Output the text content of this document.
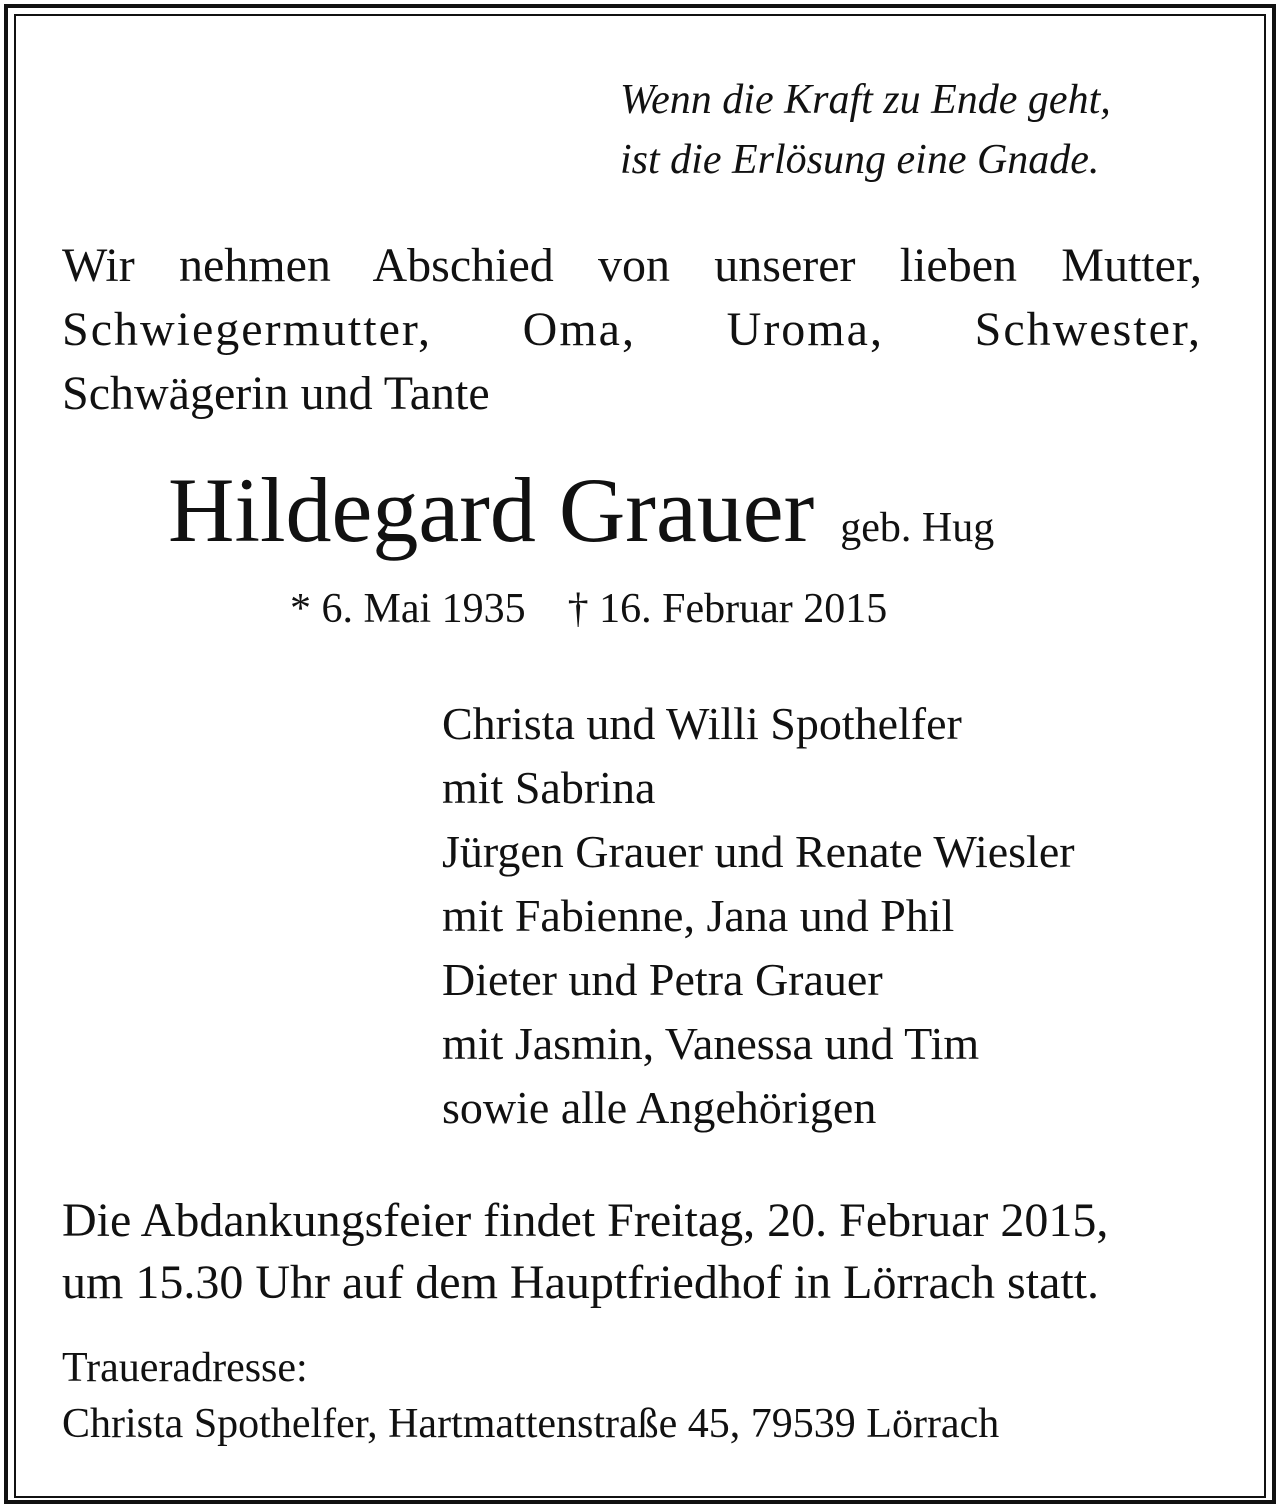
Wenn die Kraft zu Ende geht,
ist die Erlösung eine Gnade.
Wir nehmen Abschied von unserer lieben Mutter,
Schwiegermutter, Oma, Uroma, Schwester,
Schwägerin und Tante
Hildegard Grauer geb. Hug
* 6. Mai 1935 † 16. Februar 2015
Christa und Willi Spothelfer
mit Sabrina
Jürgen Grauer und Renate Wiesler
mit Fabienne, Jana und Phil
Dieter und Petra Grauer
mit Jasmin, Vanessa und Tim
sowie alle Angehörigen
Die Abdankungsfeier findet Freitag, 20. Februar 2015,
um 15.30 Uhr auf dem Hauptfriedhof in Lörrach statt.
Traueradresse:
Christa Spothelfer, Hartmattenstraße 45, 79539 Lörrach
